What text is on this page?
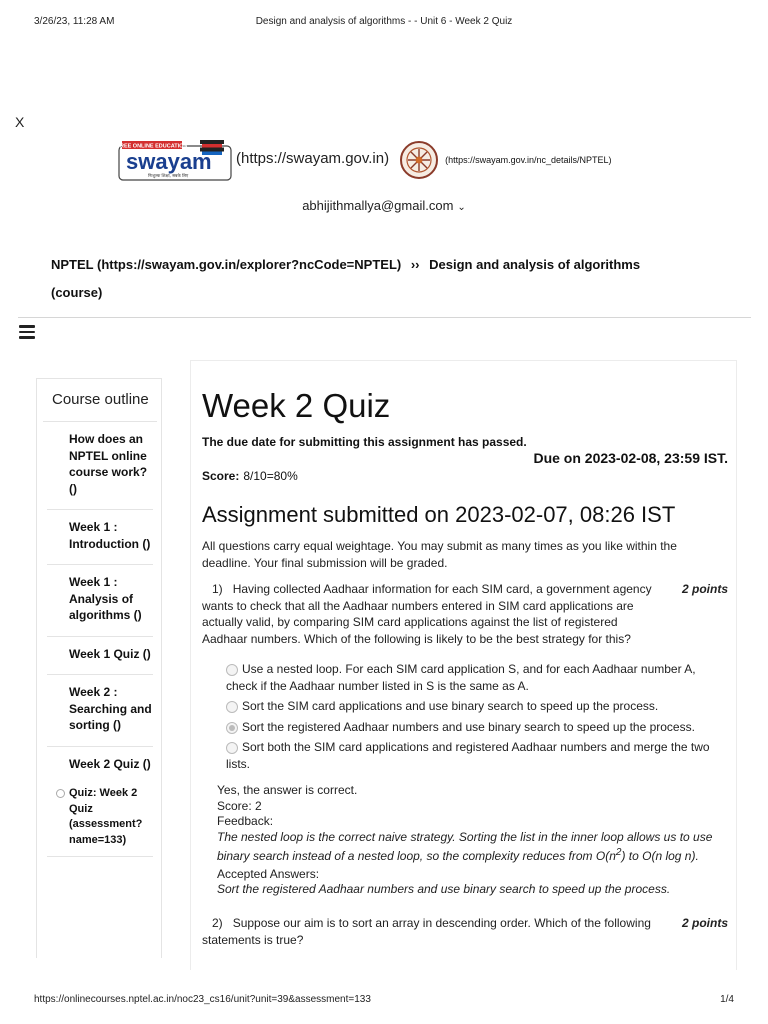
3/26/23, 11:28 AM	Design and analysis of algorithms - - Unit 6 - Week 2 Quiz
X
FREE ONLINE EDUCATION
swayam
निःशुल्क शिक्षा, सबके लिए
(https://swayam.gov.in)	(https://swayam.gov.in/nc_details/NPTEL)
abhijithmallya@gmail.com ⌄
NPTEL (https://swayam.gov.in/explorer?ncCode=NPTEL) ›› Design and analysis of algorithms (course)
Course outline
How does an NPTEL online course work? ()
Week 1 : Introduction ()
Week 1 : Analysis of algorithms ()
Week 1 Quiz ()
Week 2 : Searching and sorting ()
Week 2 Quiz ()
Quiz: Week 2 Quiz (assessment?name=133)
Week 2 Quiz
The due date for submitting this assignment has passed.
Due on 2023-02-08, 23:59 IST.
Score: 8/10=80%
Assignment submitted on 2023-02-07, 08:26 IST
All questions carry equal weightage. You may submit as many times as you like within the deadline. Your final submission will be graded.
2 points
1) Having collected Aadhaar information for each SIM card, a government agency wants to check that all the Aadhaar numbers entered in SIM card applications are actually valid, by comparing SIM card applications against the list of registered Aadhaar numbers. Which of the following is likely to be the best strategy for this?
Use a nested loop. For each SIM card application S, and for each Aadhaar number A,
check if the Aadhaar number listed in S is the same as A.
Sort the SIM card applications and use binary search to speed up the process.
Sort the registered Aadhaar numbers and use binary search to speed up the process.
Sort both the SIM card applications and registered Aadhaar numbers and merge the two
lists.
Yes, the answer is correct.
Score: 2
Feedback:
The nested loop is the correct naive strategy. Sorting the list in the inner loop allows us to use binary search instead of a nested loop, so the complexity reduces from $O(n^2)$ to O(n log n).
Accepted Answers:
Sort the registered Aadhaar numbers and use binary search to speed up the process.
2 points
2) Suppose our aim is to sort an array in descending order. Which of the following statements is true?
https://onlinecourses.nptel.ac.in/noc23_cs16/unit?unit=39&assessment=133	1/4
